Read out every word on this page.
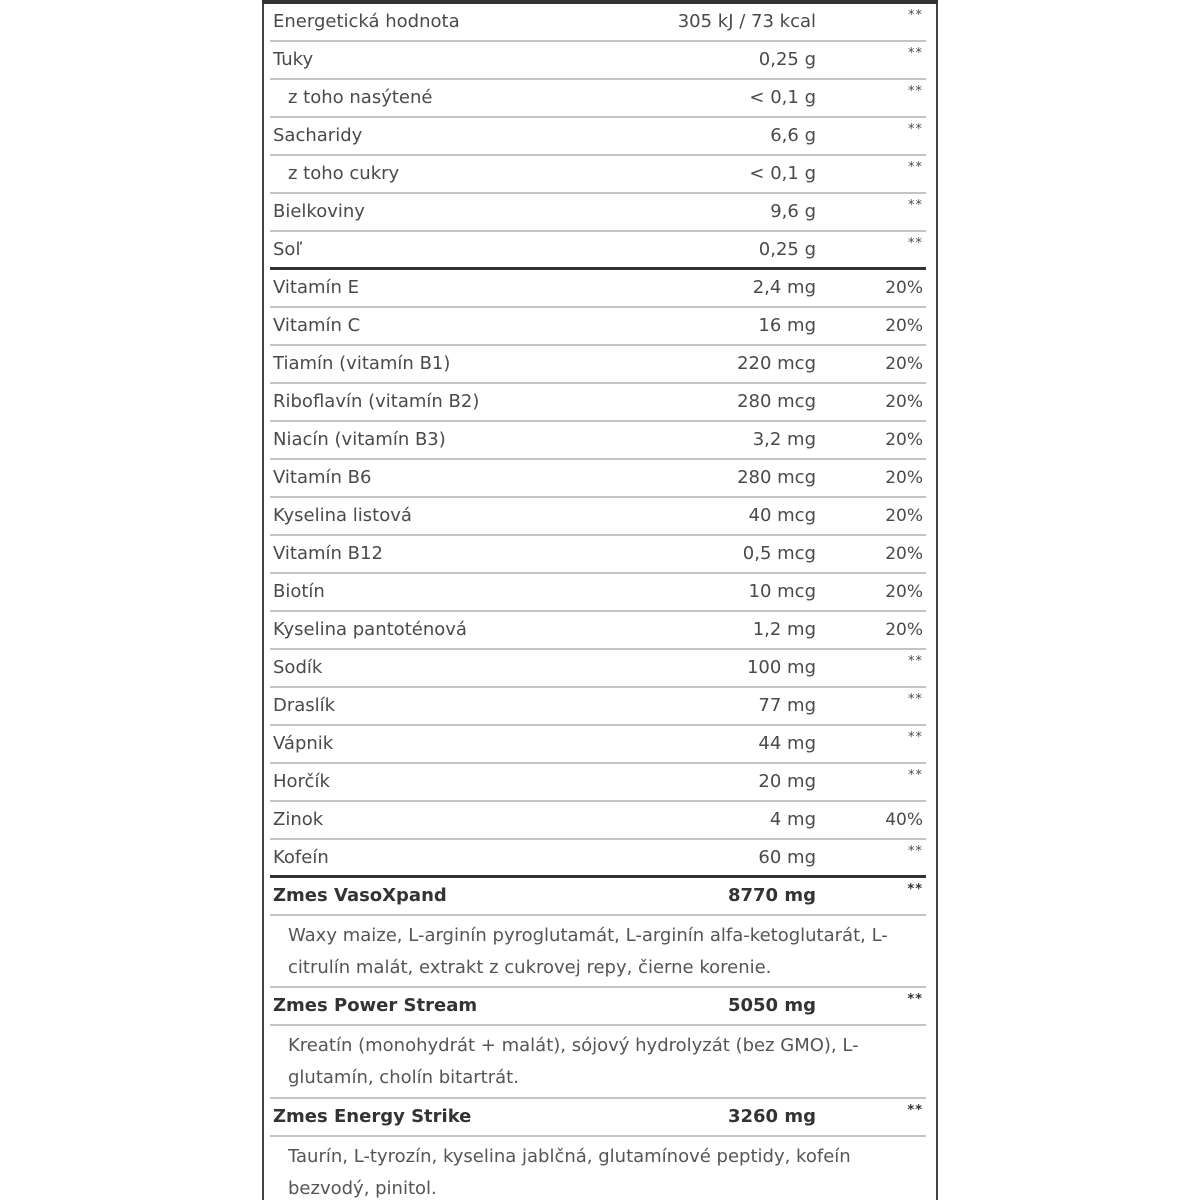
Energetická hodnota	305 kJ / 73 kcal	**
Tuky	0,25 g	**
z toho nasýtené	< 0,1 g	**
Sacharidy	6,6 g	**
z toho cukry	< 0,1 g	**
Bielkoviny	9,6 g	**
Soľ	0,25 g	**
Vitamín E	2,4 mg	20%
Vitamín C	16 mg	20%
Tiamín (vitamín B1)	220 mcg	20%
Riboflavín (vitamín B2)	280 mcg	20%
Niacín (vitamín B3)	3,2 mg	20%
Vitamín B6	280 mcg	20%
Kyselina listová	40 mcg	20%
Vitamín B12	0,5 mcg	20%
Biotín	10 mcg	20%
Kyselina pantoténová	1,2 mg	20%
Sodík	100 mg	**
Draslík	77 mg	**
Vápnik	44 mg	**
Horčík	20 mg	**
Zinok	4 mg	40%
Kofeín	60 mg	**
Zmes VasoXpand	8770 mg	**
Waxy maize, L-arginín pyroglutamát, L-arginín alfa-ketoglutarát, L-
citrulín malát, extrakt z cukrovej repy, čierne korenie.
Zmes Power Stream	5050 mg	**
Kreatín (monohydrát + malát), sójový hydrolyzát (bez GMO), L-
glutamín, cholín bitartrát.
Zmes Energy Strike	3260 mg	**
Taurín, L-tyrozín, kyselina jablčná, glutamínové peptidy, kofeín
bezvodý, pinitol.
